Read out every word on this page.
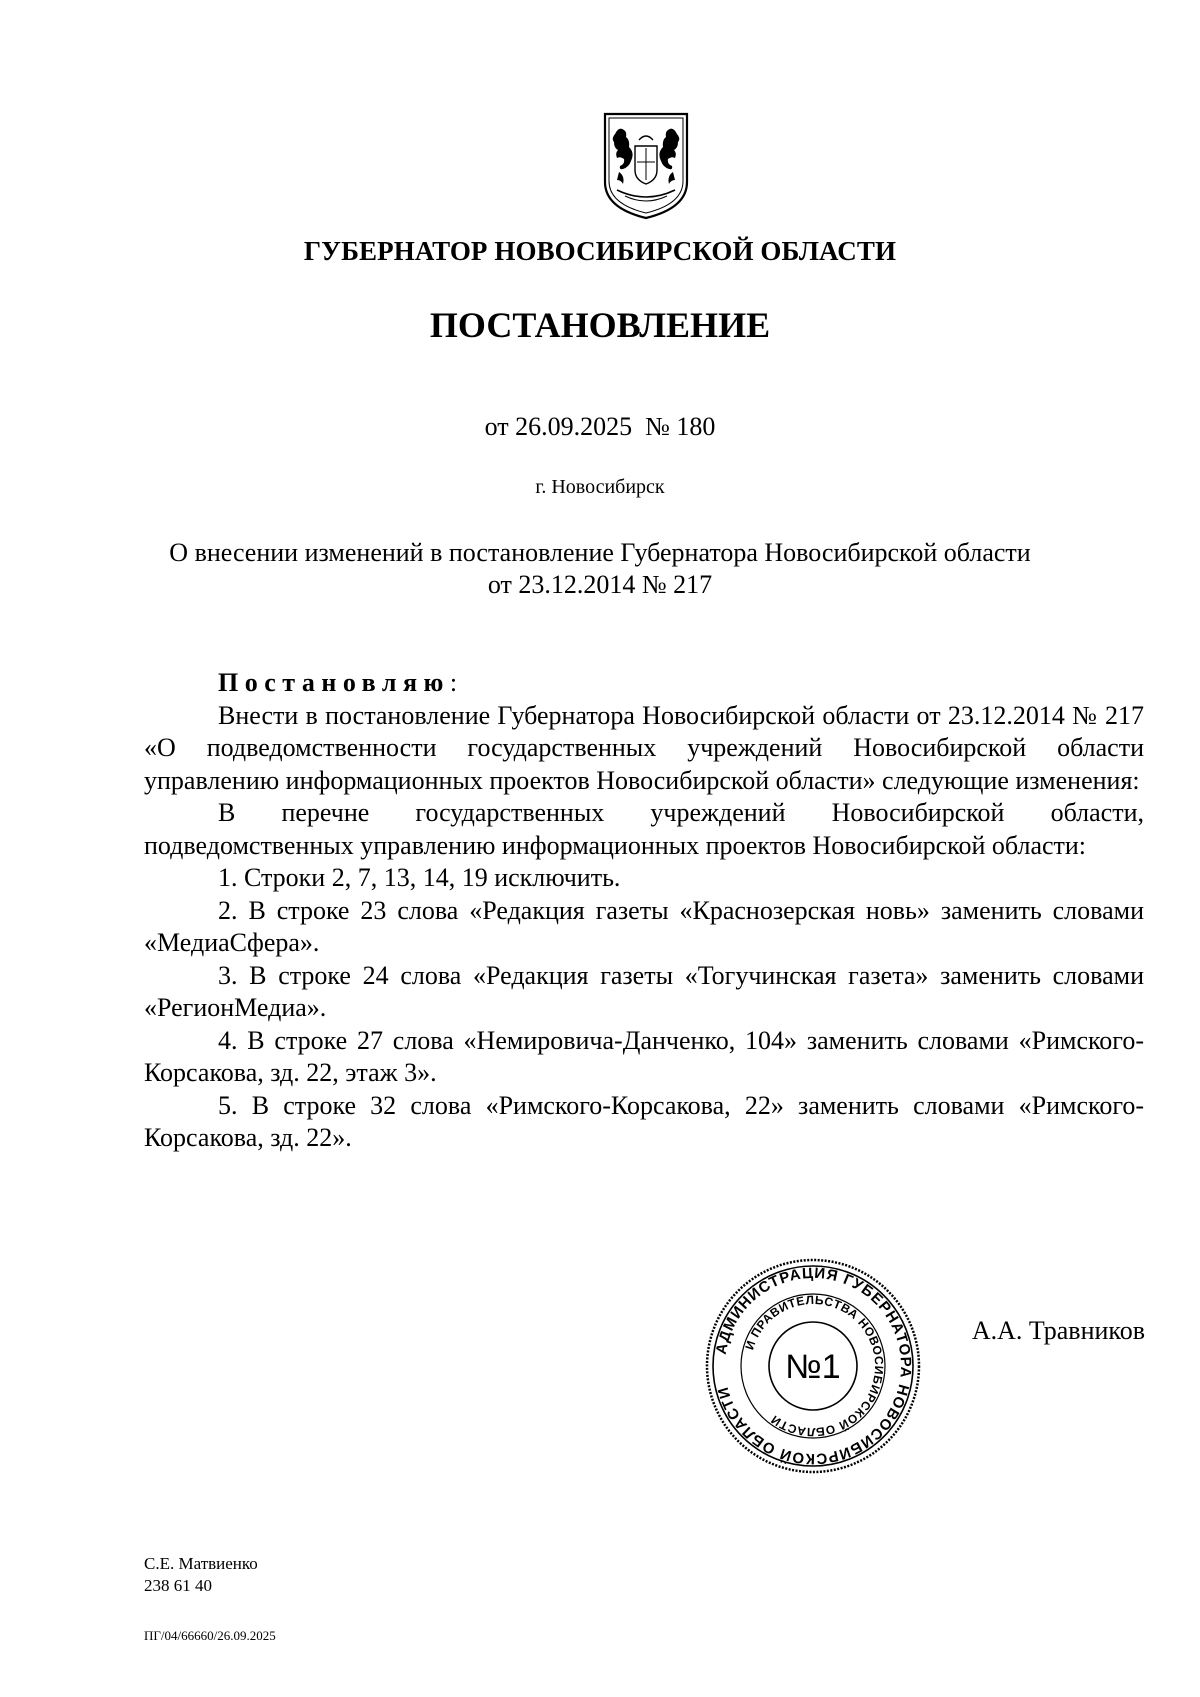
ГУБЕРНАТОР НОВОСИБИРСКОЙ ОБЛАСТИ
ПОСТАНОВЛЕНИЕ
от 26.09.2025  № 180
г. Новосибирск
О внесении изменений в постановление Губернатора Новосибирской области
от 23.12.2014 № 217

Постановляю:

Внести в постановление Губернатора Новосибирской области от 23.12.2014 № 217 «О подведомственности государственных учреждений Новосибирской области управлению информационных проектов Новосибирской области» следующие изменения:

В перечне государственных учреждений Новосибирской области, подведомственных управлению информационных проектов Новосибирской области:

1. Строки 2, 7, 13, 14, 19 исключить.

2. В строке 23 слова «Редакция газеты «Краснозерская новь» заменить словами «МедиаСфера».

3. В строке 24 слова «Редакция газеты «Тогучинская газета» заменить словами «РегионМедиа».

4. В строке 27 слова «Немировича-Данченко, 104» заменить словами «Римского-Корсакова, зд. 22, этаж 3».

5. В строке 32 слова «Римского-Корсакова, 22» заменить словами «Римского-Корсакова, зд. 22».

АДМИНИСТРАЦИЯ ГУБЕРНАТОРА НОВОСИБИРСКОЙ ОБЛАСТИ
И ПРАВИТЕЛЬСТВА НОВОСИБИРСКОЙ ОБЛАСТИ
№1
А.А. Травников
С.Е. Матвиенко
238 61 40
ПГ/04/66660/26.09.2025
